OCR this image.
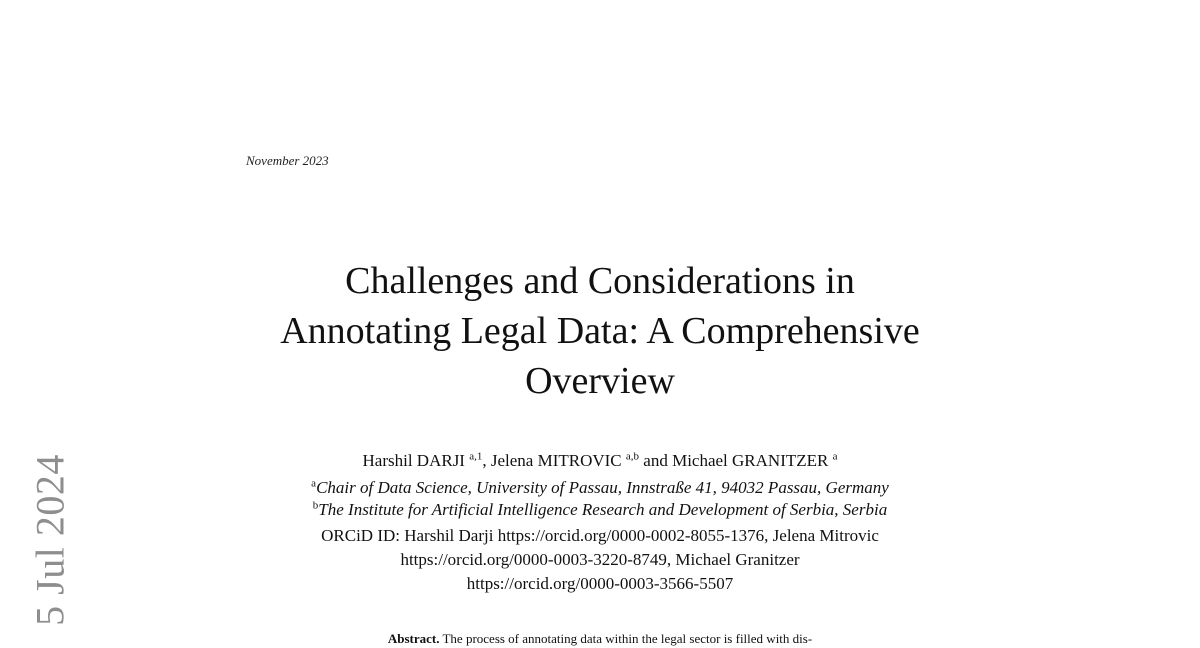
5 Jul 2024
November 2023
Challenges and Considerations in
Annotating Legal Data: A Comprehensive
Overview
Harshil DARJI $^{a,1}$, Jelena MITROVIC $^{a,b}$ and Michael GRANITZER $^a$
$^a$Chair of Data Science, University of Passau, Innstraße 41, 94032 Passau, Germany
$^b$The Institute for Artificial Intelligence Research and Development of Serbia, Serbia
ORCiD ID: Harshil Darji https://orcid.org/0000-0002-8055-1376, Jelena Mitrovic
https://orcid.org/0000-0003-3220-8749, Michael Granitzer
https://orcid.org/0000-0003-3566-5507
Abstract. The process of annotating data within the legal sector is filled with dis-
